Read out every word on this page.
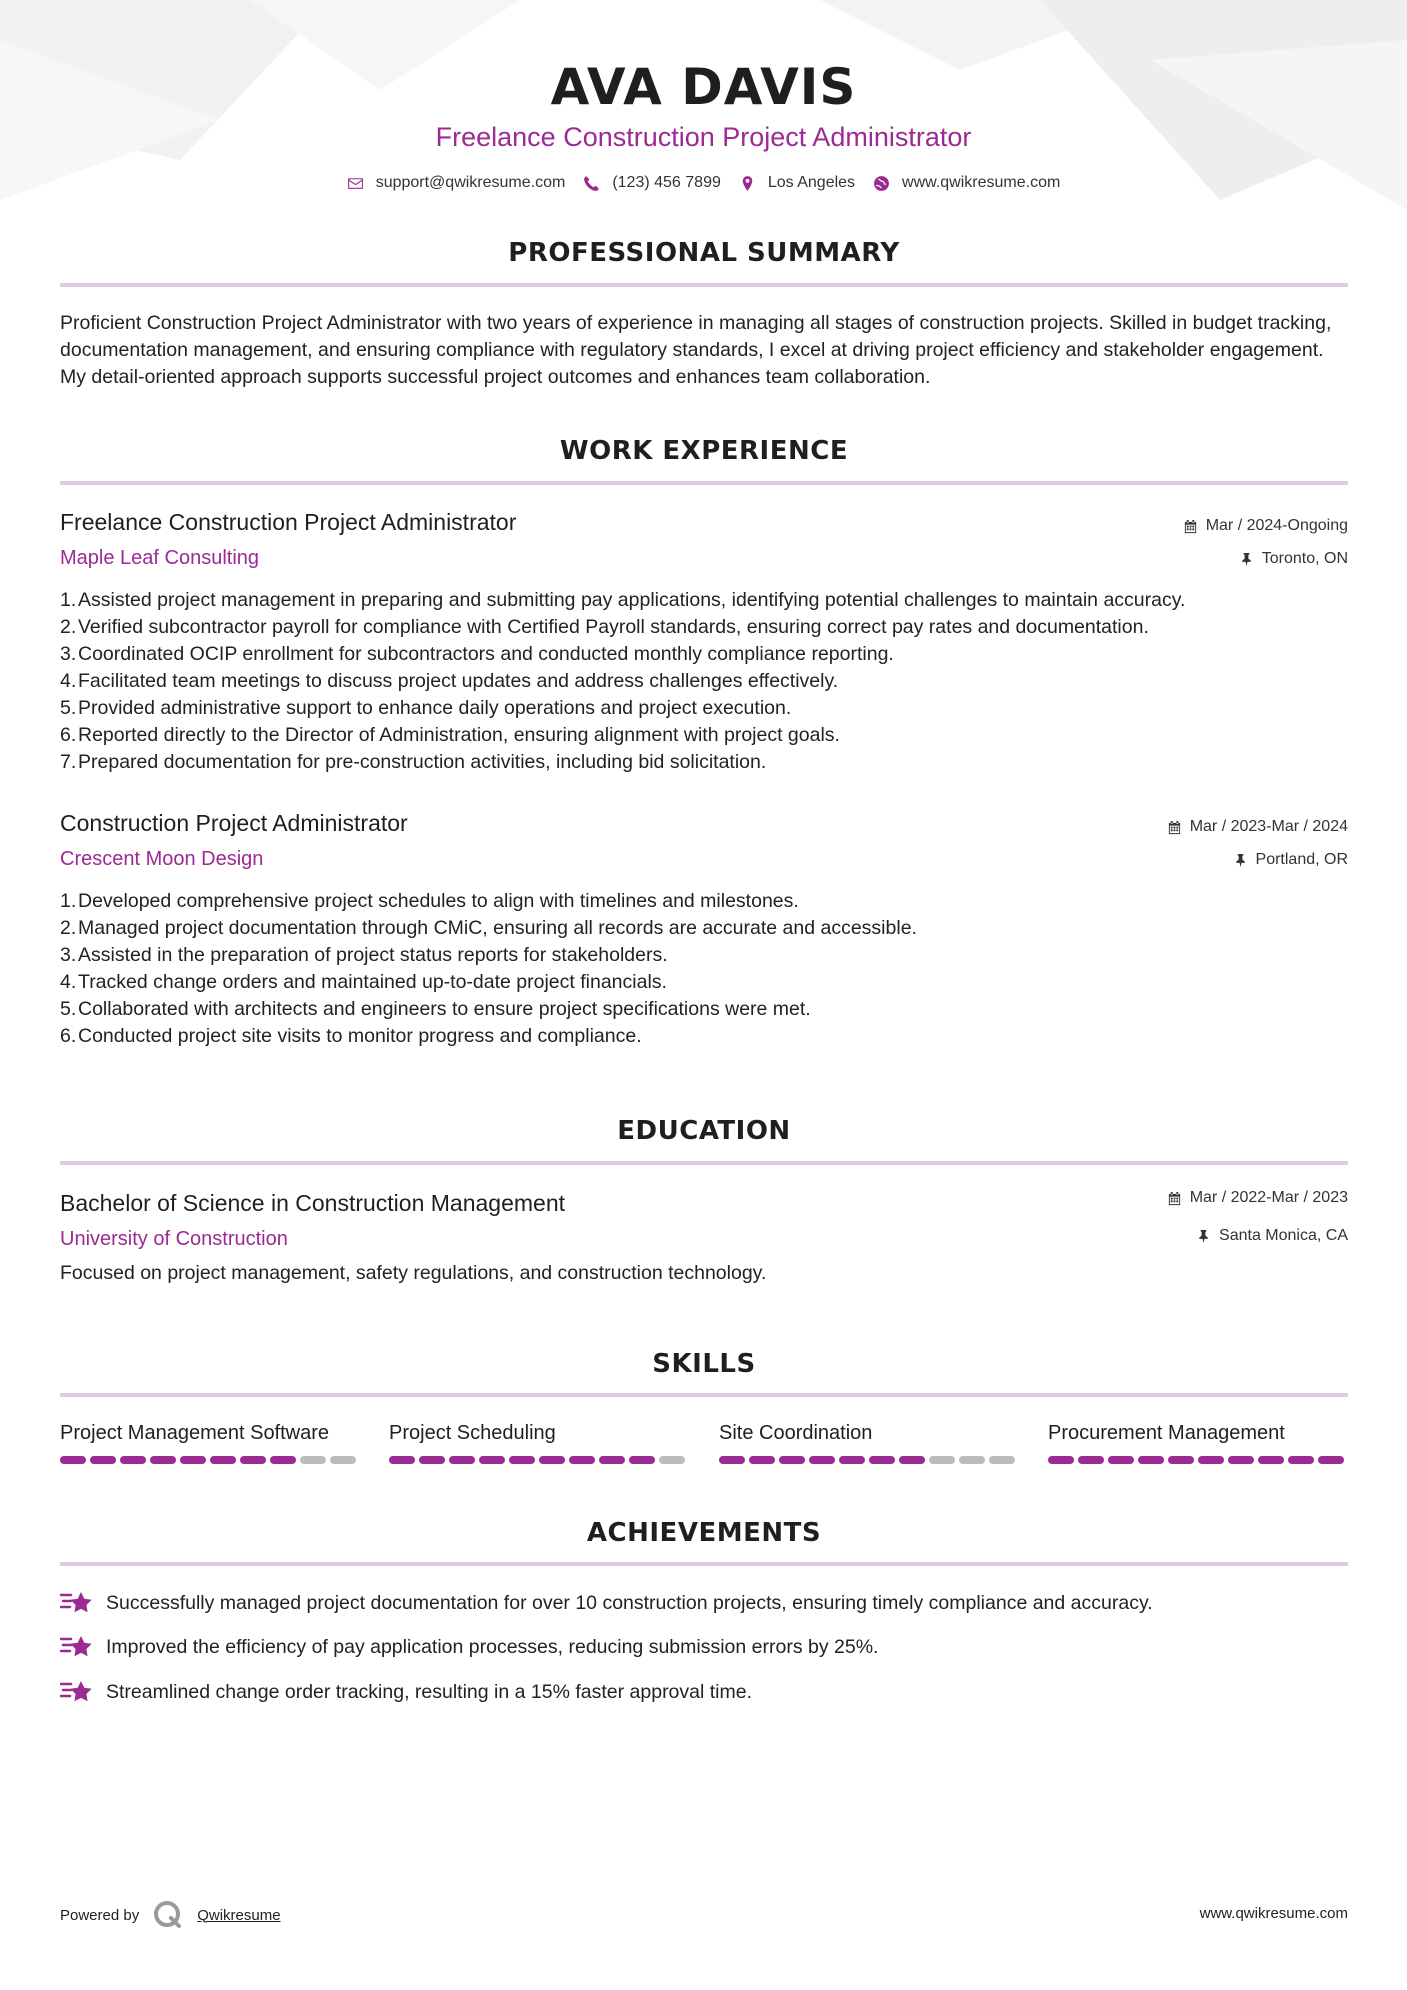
AVA DAVIS
Freelance Construction Project Administrator
support@qwikresume.com	(123) 456 7899	Los Angeles	www.qwikresume.com
PROFESSIONAL SUMMARY
Proficient Construction Project Administrator with two years of experience in managing all stages of construction projects. Skilled in budget tracking, documentation management, and ensuring compliance with regulatory standards, I excel at driving project efficiency and stakeholder engagement. My detail-oriented approach supports successful project outcomes and enhances team collaboration.
WORK EXPERIENCE
Freelance Construction Project Administrator
Maple Leaf Consulting
Mar / 2024-Ongoing
Toronto, ON
Assisted project management in preparing and submitting pay applications, identifying potential challenges to maintain accuracy.
Verified subcontractor payroll for compliance with Certified Payroll standards, ensuring correct pay rates and documentation.
Coordinated OCIP enrollment for subcontractors and conducted monthly compliance reporting.
Facilitated team meetings to discuss project updates and address challenges effectively.
Provided administrative support to enhance daily operations and project execution.
Reported directly to the Director of Administration, ensuring alignment with project goals.
Prepared documentation for pre-construction activities, including bid solicitation.
Construction Project Administrator
Crescent Moon Design
Mar / 2023-Mar / 2024
Portland, OR
Developed comprehensive project schedules to align with timelines and milestones.
Managed project documentation through CMiC, ensuring all records are accurate and accessible.
Assisted in the preparation of project status reports for stakeholders.
Tracked change orders and maintained up-to-date project financials.
Collaborated with architects and engineers to ensure project specifications were met.
Conducted project site visits to monitor progress and compliance.
EDUCATION
Bachelor of Science in Construction Management
University of Construction
Mar / 2022-Mar / 2023
Santa Monica, CA
Focused on project management, safety regulations, and construction technology.
SKILLS
Project Management Software	Project Scheduling	Site Coordination	Procurement Management
ACHIEVEMENTS
Successfully managed project documentation for over 10 construction projects, ensuring timely compliance and accuracy.
Improved the efficiency of pay application processes, reducing submission errors by 25%.
Streamlined change order tracking, resulting in a 15% faster approval time.
Powered by	Qwikresume	www.qwikresume.com
